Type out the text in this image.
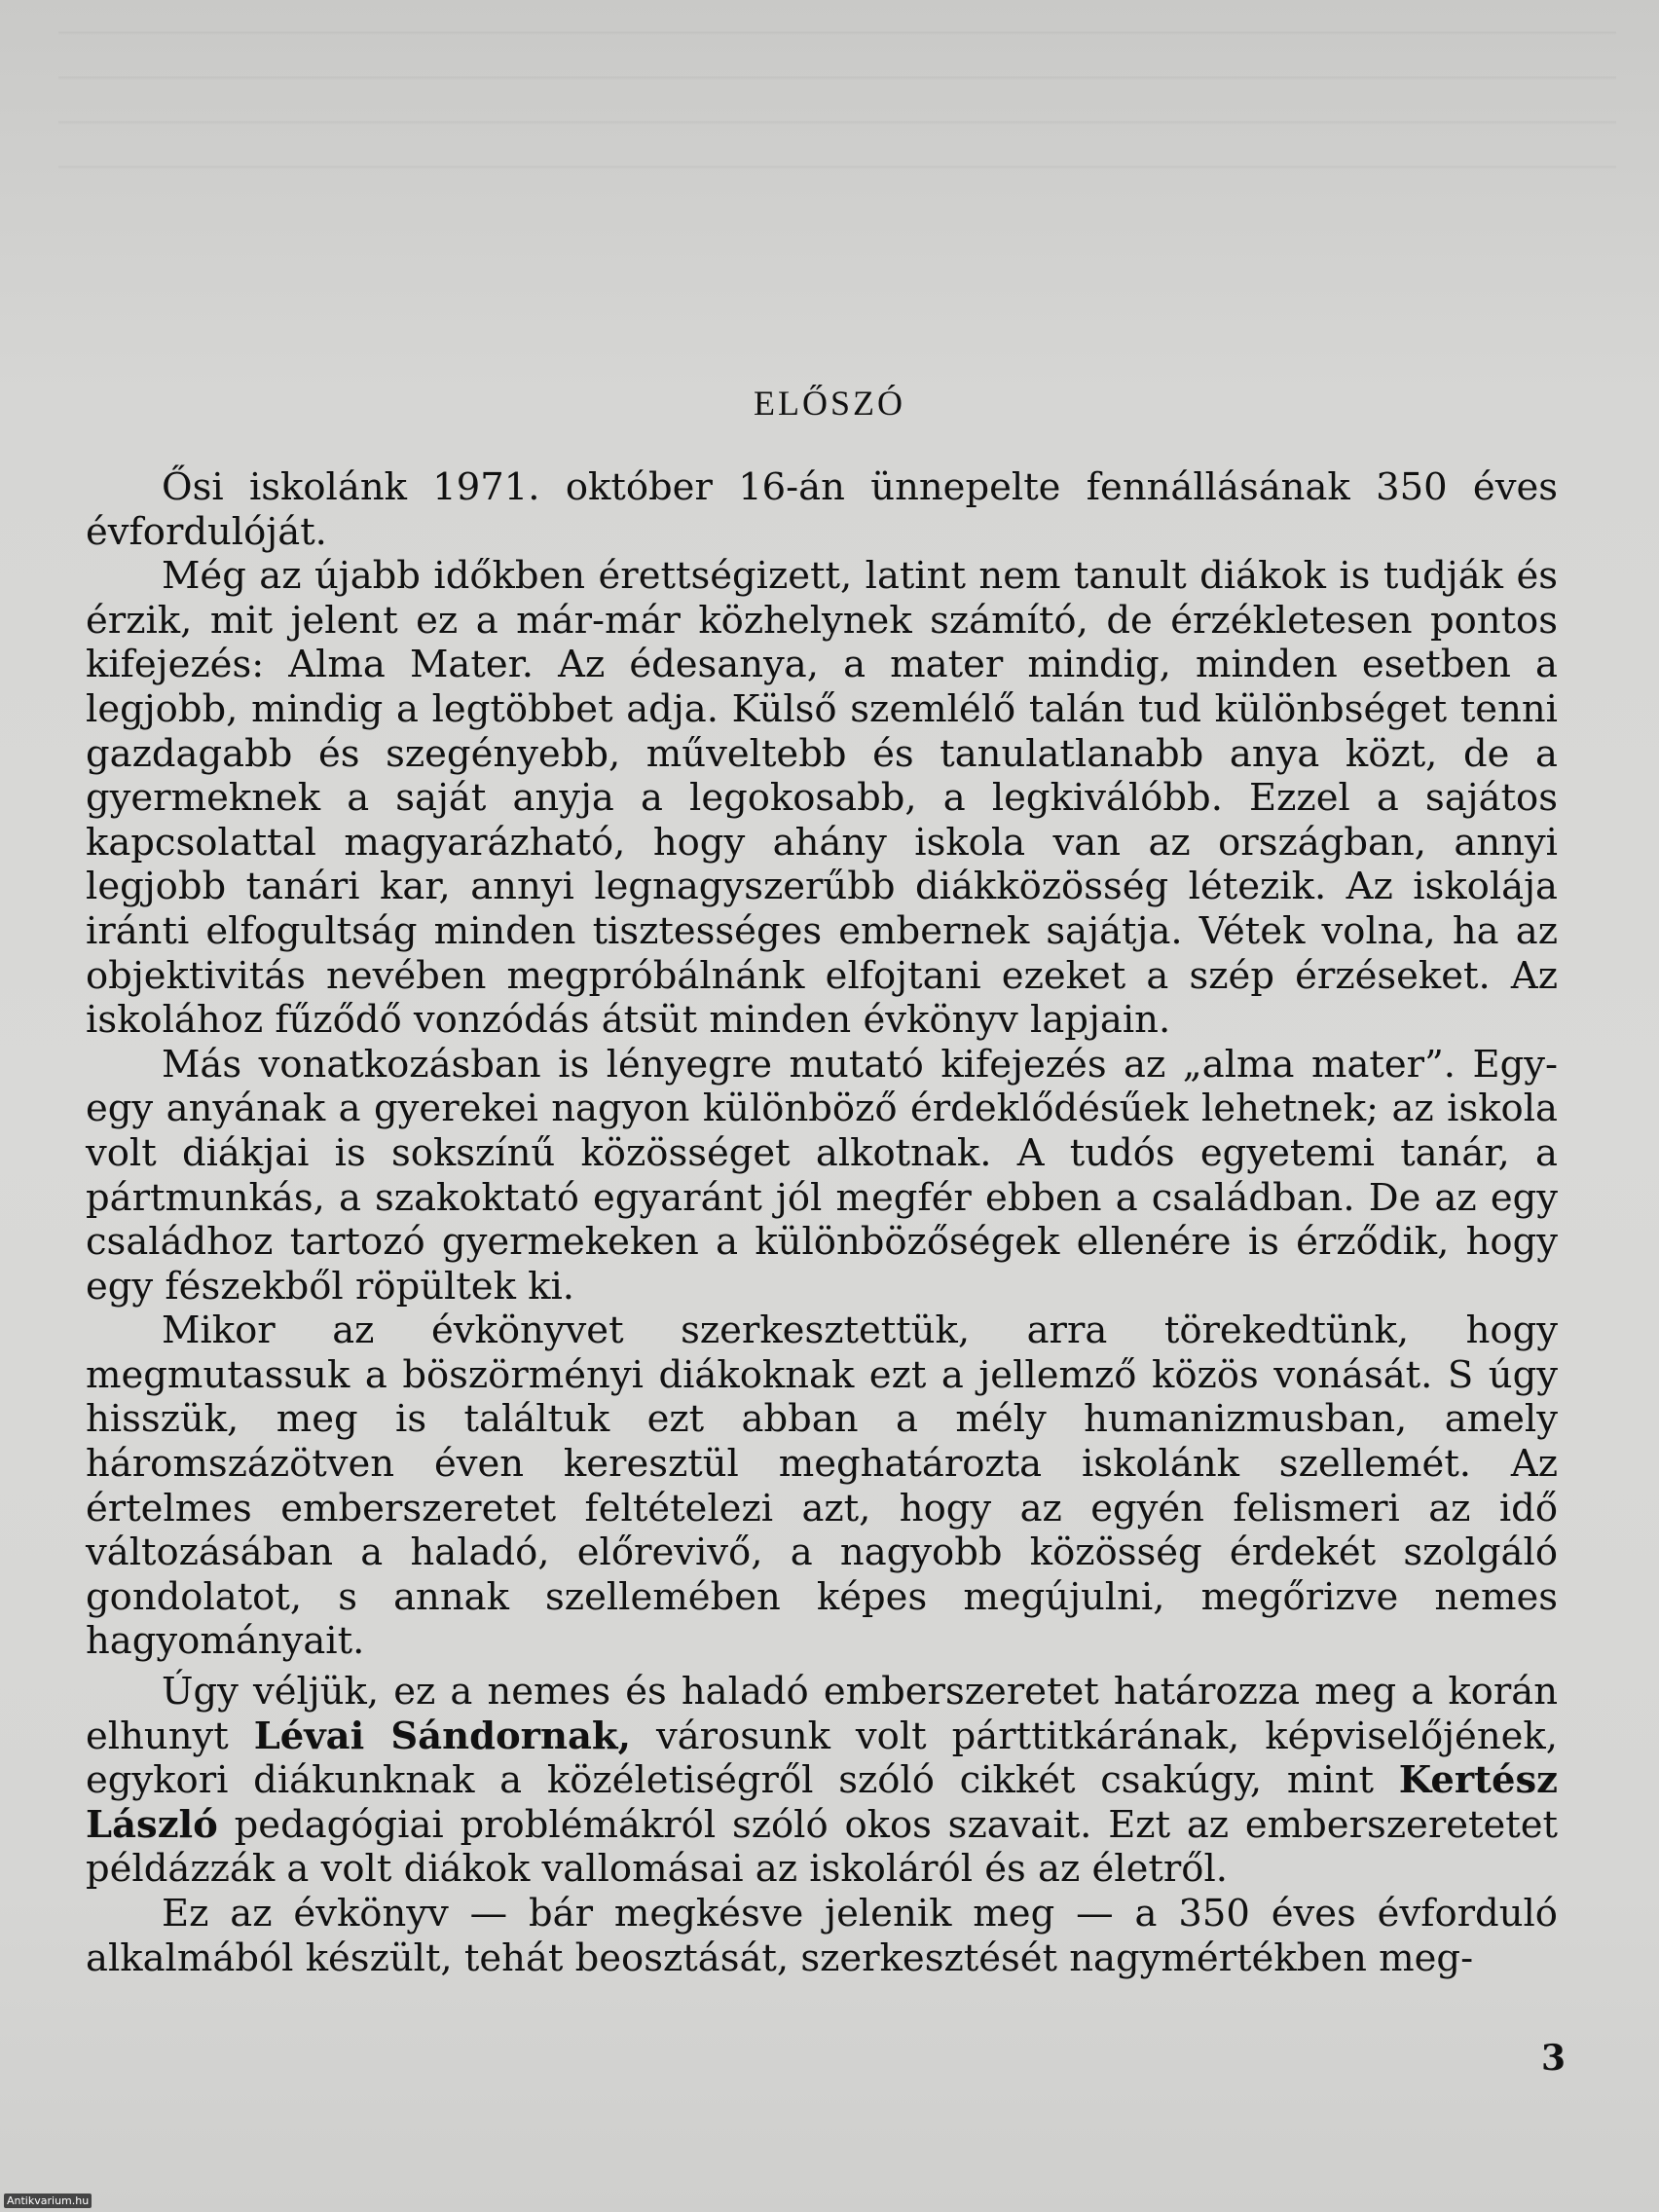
ELŐSZÓ

Ősi iskolánk 1971. október 16-án ünnepelte fennállásának 350 éves évfordulóját.

Még az újabb időkben érettségizett, latint nem tanult diákok is tudják és érzik, mit jelent ez a már-már közhelynek számító, de érzékletesen pontos kifejezés: Alma Mater. Az édesanya, a mater mindig, minden esetben a legjobb, mindig a legtöbbet adja. Külső szemlélő talán tud különbséget tenni gazdagabb és szegényebb, műveltebb és tanulatlanabb anya közt, de a gyermeknek a saját anyja a legokosabb, a legkiválóbb. Ezzel a sajátos kapcsolattal magyarázható, hogy ahány iskola van az országban, annyi legjobb tanári kar, annyi legnagyszerűbb diákközösség létezik. Az iskolája iránti elfogultság minden tisztességes embernek sajátja. Vétek volna, ha az objektivitás nevében megpróbálnánk elfojtani ezeket a szép érzéseket. Az iskolához fűződő vonzódás átsüt minden évkönyv lapjain.

Más vonatkozásban is lényegre mutató kifejezés az „alma mater”. Egy-egy anyának a gyerekei nagyon különböző érdeklődésűek lehetnek; az iskola volt diákjai is sokszínű közösséget alkotnak. A tudós egyetemi tanár, a pártmunkás, a szakoktató egyaránt jól megfér ebben a családban. De az egy családhoz tartozó gyermekeken a különbözőségek ellenére is érződik, hogy egy fészekből röpültek ki.

Mikor az évkönyvet szerkesztettük, arra törekedtünk, hogy megmutassuk a böszörményi diákoknak ezt a jellemző közös vonását. S úgy hisszük, meg is találtuk ezt abban a mély humanizmusban, amely háromszázötven éven keresztül meghatározta iskolánk szellemét. Az értelmes emberszeretet feltételezi azt, hogy az egyén felismeri az idő változásában a haladó, előrevivő, a nagyobb közösség érdekét szolgáló gondolatot, s annak szellemében képes megújulni, megőrizve nemes hagyományait.

Úgy véljük, ez a nemes és haladó emberszeretet határozza meg a korán elhunyt Lévai Sándornak, városunk volt párttitkárának, képviselőjének, egykori diákunknak a közéletiségről szóló cikkét csakúgy, mint Kertész László pedagógiai problémákról szóló okos szavait. Ezt az emberszeretetet példázzák a volt diákok vallomásai az iskoláról és az életről.

Ez az évkönyv — bár megkésve jelenik meg — a 350 éves évforduló alkalmából készült, tehát beosztását, szerkesztését nagymértékben meg-

3
Antikvarium.hu
